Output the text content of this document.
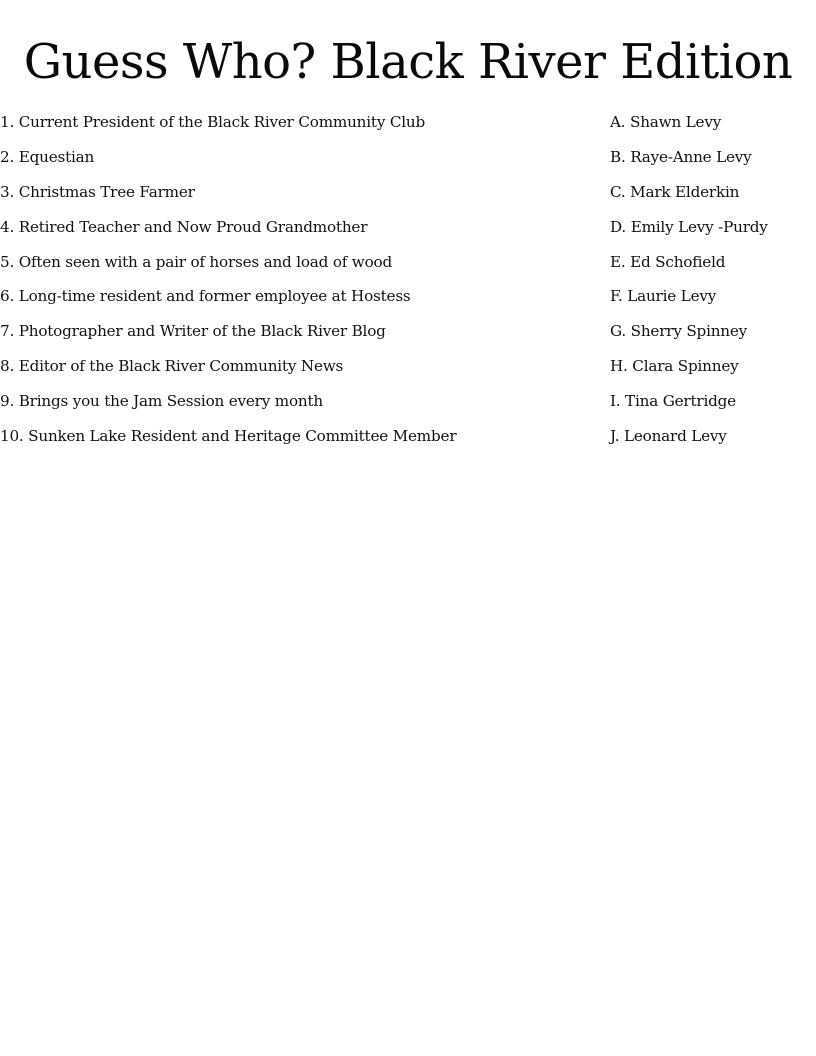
Guess Who? Black River Edition
1. Current President of the Black River Community Club
2. Equestian
3. Christmas Tree Farmer
4. Retired Teacher and Now Proud Grandmother
5. Often seen with a pair of horses and load of wood
6. Long-time resident and former employee at Hostess
7. Photographer and Writer of the Black River Blog
8. Editor of the Black River Community News
9. Brings you the Jam Session every month
10. Sunken Lake Resident and Heritage Committee Member
A. Shawn Levy
B. Raye-Anne Levy
C. Mark Elderkin
D. Emily Levy -Purdy
E. Ed Schofield
F. Laurie Levy
G. Sherry Spinney
H. Clara Spinney
I. Tina Gertridge
J. Leonard Levy
